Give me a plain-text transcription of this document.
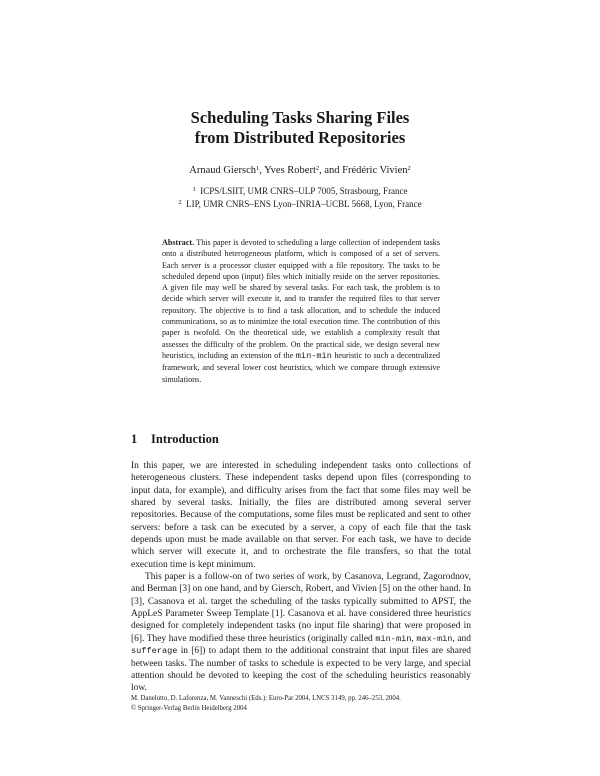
Scheduling Tasks Sharing Files
from Distributed Repositories
Arnaud Giersch$^1$, Yves Robert$^2$, and Frédéric Vivien$^2$
$^1$ ICPS/LSIIT, UMR CNRS–ULP 7005, Strasbourg, France
$^2$ LIP, UMR CNRS–ENS Lyon–INRIA–UCBL 5668, Lyon, France
Abstract. This paper is devoted to scheduling a large collection of independent tasks onto a distributed heterogeneous platform, which is composed of a set of servers. Each server is a processor cluster equipped with a file repository. The tasks to be scheduled depend upon (input) files which initially reside on the server repositories. A given file may well be shared by several tasks. For each task, the problem is to decide which server will execute it, and to transfer the required files to that server repository. The objective is to find a task allocation, and to schedule the induced communications, so as to minimize the total execution time. The contribution of this paper is twofold. On the theoretical side, we establish a complexity result that assesses the difficulty of the problem. On the practical side, we design several new heuristics, including an extension of the min-min heuristic to such a decentralized framework, and several lower cost heuristics, which we compare through extensive simulations.
1 Introduction

In this paper, we are interested in scheduling independent tasks onto collections of heterogeneous clusters. These independent tasks depend upon files (corresponding to input data, for example), and difficulty arises from the fact that some files may well be shared by several tasks. Initially, the files are distributed among several server repositories. Because of the computations, some files must be replicated and sent to other servers: before a task can be executed by a server, a copy of each file that the task depends upon must be made available on that server. For each task, we have to decide which server will execute it, and to orchestrate the file transfers, so that the total execution time is kept minimum.

This paper is a follow-on of two series of work, by Casanova, Legrand, Zagorodnov, and Berman [3] on one hand, and by Giersch, Robert, and Vivien [5] on the other hand. In [3], Casanova et al. target the scheduling of the tasks typically submitted to APST, the AppLeS Parameter Sweep Template [1]. Casanova et al. have considered three heuristics designed for completely independent tasks (no input file sharing) that were proposed in [6]. They have modified these three heuristics (originally called min-min, max-min, and sufferage in [6]) to adapt them to the additional constraint that input files are shared between tasks. The number of tasks to schedule is expected to be very large, and special attention should be devoted to keeping the cost of the scheduling heuristics reasonably low.

M. Danelutto, D. Laforenza, M. Vanneschi (Eds.): Euro-Par 2004, LNCS 3149, pp. 246–253, 2004.
© Springer-Verlag Berlin Heidelberg 2004
